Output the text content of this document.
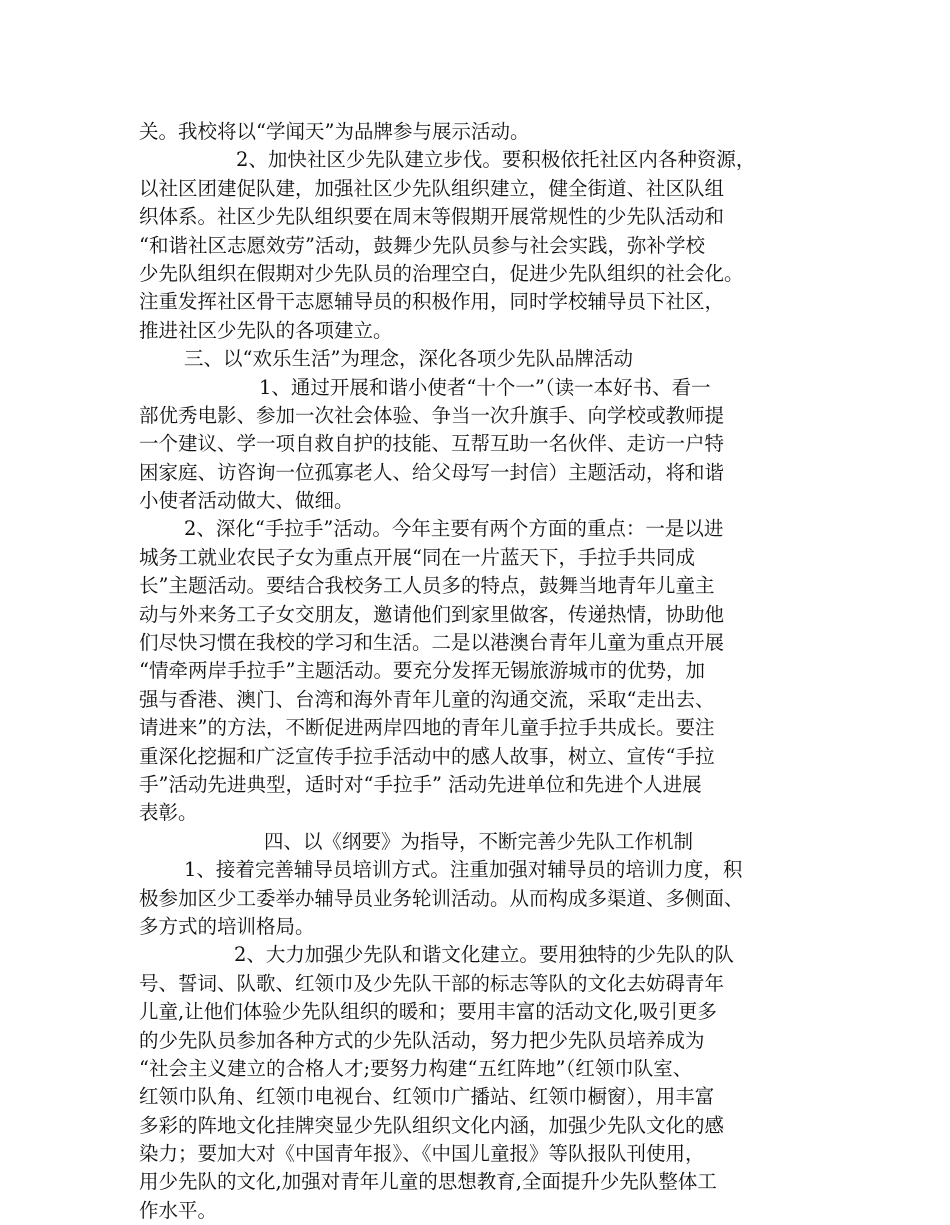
关。我校将以“学闻天”为品牌参与展示活动。
2、加快社区少先队建立步伐。要积极依托社区内各种资源，
以社区团建促队建，加强社区少先队组织建立，健全街道、社区队组
织体系。社区少先队组织要在周末等假期开展常规性的少先队活动和
“和谐社区志愿效劳”活动，鼓舞少先队员参与社会实践，弥补学校
少先队组织在假期对少先队员的治理空白，促进少先队组织的社会化。
注重发挥社区骨干志愿辅导员的积极作用，同时学校辅导员下社区，
推进社区少先队的各项建立。
三、以“欢乐生活”为理念，深化各项少先队品牌活动
1、通过开展和谐小使者“十个一”（读一本好书、看一
部优秀电影、参加一次社会体验、争当一次升旗手、向学校或教师提
一个建议、学一项自救自护的技能、互帮互助一名伙伴、走访一户特
困家庭、访咨询一位孤寡老人、给父母写一封信）主题活动，将和谐
小使者活动做大、做细。
2、深化“手拉手”活动。今年主要有两个方面的重点：一是以进
城务工就业农民子女为重点开展“同在一片蓝天下，手拉手共同成
长”主题活动。要结合我校务工人员多的特点，鼓舞当地青年儿童主
动与外来务工子女交朋友，邀请他们到家里做客，传递热情，协助他
们尽快习惯在我校的学习和生活。二是以港澳台青年儿童为重点开展
“情牵两岸手拉手”主题活动。要充分发挥无锡旅游城市的优势，加
强与香港、澳门、台湾和海外青年儿童的沟通交流，采取“走出去、
请进来”的方法，不断促进两岸四地的青年儿童手拉手共成长。要注
重深化挖掘和广泛宣传手拉手活动中的感人故事，树立、宣传“手拉
手”活动先进典型，适时对“手拉手” 活动先进单位和先进个人进展
表彰。
四、以《纲要》为指导，不断完善少先队工作机制
1、接着完善辅导员培训方式。注重加强对辅导员的培训力度，积
极参加区少工委举办辅导员业务轮训活动。从而构成多渠道、多侧面、
多方式的培训格局。
2、大力加强少先队和谐文化建立。要用独特的少先队的队
号、誓词、队歌、红领巾及少先队干部的标志等队的文化去妨碍青年
儿童,让他们体验少先队组织的暖和；要用丰富的活动文化,吸引更多
的少先队员参加各种方式的少先队活动，努力把少先队员培养成为
“社会主义建立的合格人才;要努力构建“五红阵地”（红领巾队室、
红领巾队角、红领巾电视台、红领巾广播站、红领巾橱窗），用丰富
多彩的阵地文化挂牌突显少先队组织文化内涵，加强少先队文化的感
染力；要加大对《中国青年报》、《中国儿童报》等队报队刊使用，
用少先队的文化,加强对青年儿童的思想教育,全面提升少先队整体工
作水平。
